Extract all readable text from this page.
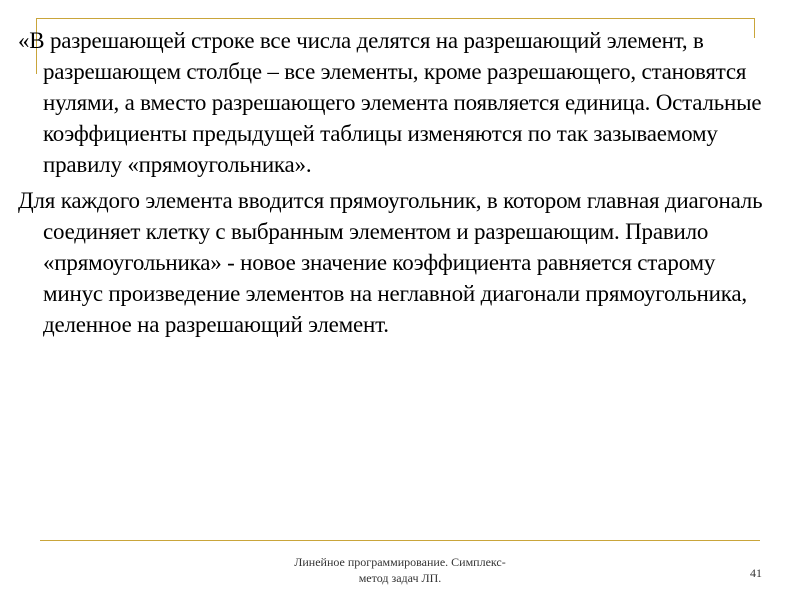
«В разрешающей строке все числа делятся на разрешающий элемент, в разрешающем столбце – все элементы, кроме разрешающего, становятся нулями, а вместо разрешающего элемента появляется единица. Остальные коэффициенты предыдущей таблицы изменяются по так зазываемому правилу «прямоугольника».

Для каждого элемента вводится прямоугольник, в котором главная диагональ соединяет клетку с выбранным элементом и разрешающим. Правило «прямоугольника» - новое значение коэффициента равняется старому минус произведение элементов на неглавной диагонали прямоугольника, деленное на разрешающий элемент.

Линейное программирование. Симплекс-
метод задач ЛП.	41
